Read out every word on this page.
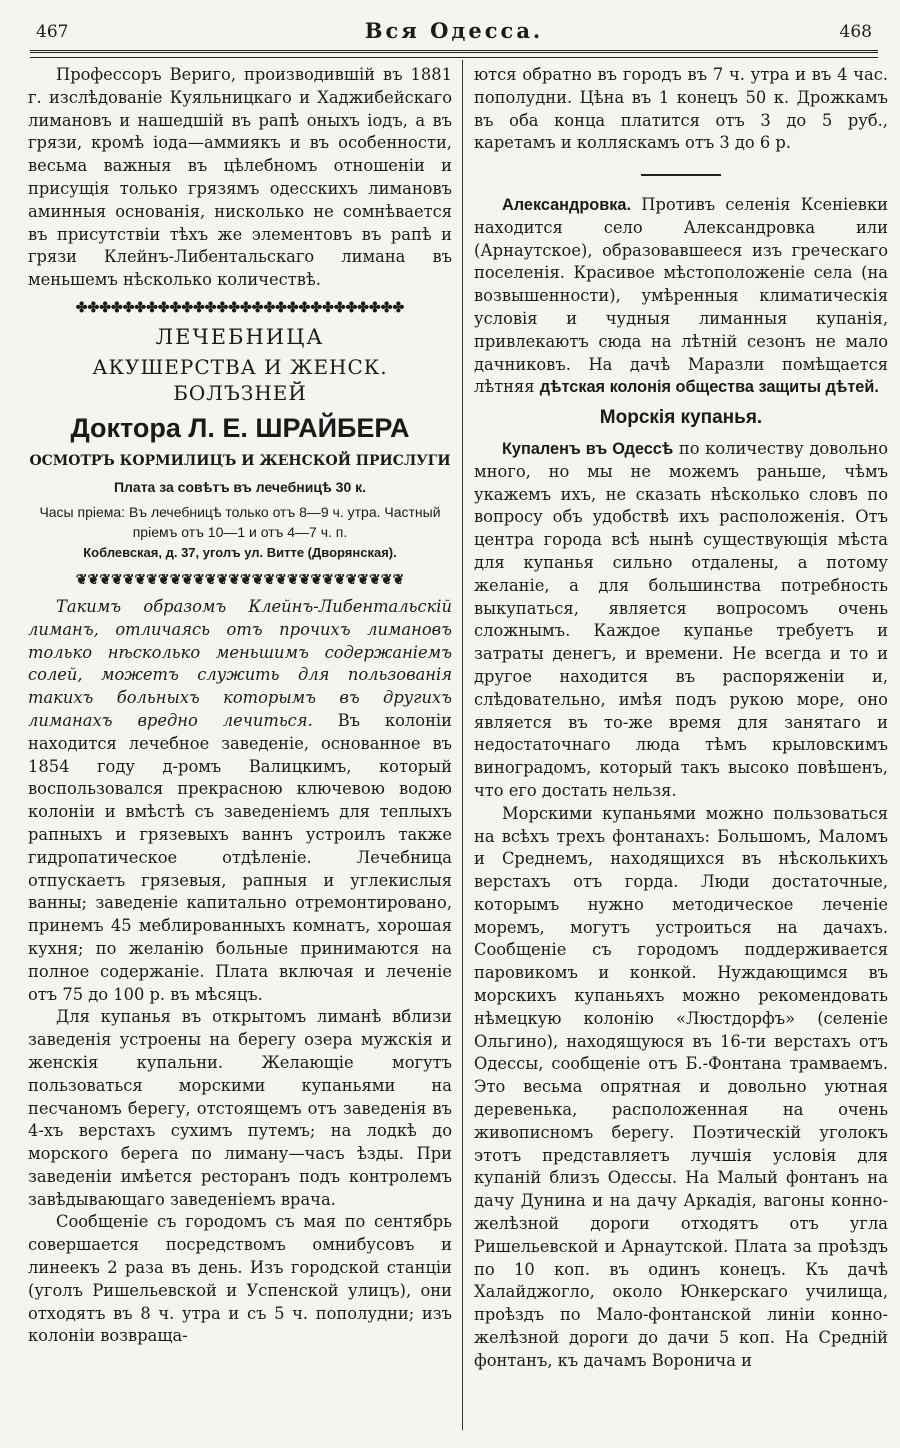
467	Вся Одесса.	468

Профессоръ Вериго, производившій въ 1881 г. изслѣдованіе Куяльницкаго и Хаджибейскаго лимановъ и нашедшій въ рапѣ оныхъ іодъ, а въ грязи, кромѣ іода—аммиякъ и въ особенности, весьма важныя въ цѣлебномъ отношеніи и присущія только грязямъ одесскихъ лимановъ аминныя основанія, нисколько не сомнѣвается въ присутствіи тѣхъ же элементовъ въ рапѣ и грязи Клейнъ-Либентальскаго лимана въ меньшемъ нѣсколько количествѣ.

✤✤✤✤✤✤✤✤✤✤✤✤✤✤✤✤✤✤✤✤✤✤✤✤✤✤✤✤
ЛЕЧЕБНИЦА
АКУШЕРСТВА И ЖЕНСК. БОЛЪЗНЕЙ
Доктора Л. Е. ШРАЙБЕРА
ОСМОТРЪ КОРМИЛИЦЪ И ЖЕНСКОЙ ПРИСЛУГИ
Плата за совѣтъ въ лечебницѣ 30 к.
Часы пріема: Въ лечебницѣ только отъ 8—9 ч. утра. Частный пріемъ отъ 10—1 и отъ 4—7 ч. п.
Коблевская, д. 37, уголъ ул. Витте (Дворянская).
❦❦❦❦❦❦❦❦❦❦❦❦❦❦❦❦❦❦❦❦❦❦❦❦❦❦❦❦

Такимъ образомъ Клейнъ-Либентальскій лиманъ, отличаясь отъ прочихъ лимановъ только нѣсколько меньшимъ содержаніемъ солей, можетъ служить для пользованія такихъ больныхъ которымъ въ другихъ лиманахъ вредно лечиться. Въ колоніи находится лечебное заведеніе, основанное въ 1854 году д-ромъ Валицкимъ, который воспользовался прекрасною ключевою водою колоніи и вмѣстѣ съ заведеніемъ для теплыхъ рапныхъ и грязевыхъ ваннъ устроилъ также гидропатическое отдѣленіе. Лечебница отпускаетъ грязевыя, рапныя и углекислыя ванны; заведеніе капитально отремонтировано, принемъ 45 меблированныхъ комнатъ, хорошая кухня; по желанію больные принимаются на полное содержаніе. Плата включая и леченіе отъ 75 до 100 р. въ мѣсяцъ.

Для купанья въ открытомъ лиманѣ вблизи заведенія устроены на берегу озера мужскія и женскія купальни. Желающіе могутъ пользоваться морскими купаньями на песчаномъ берегу, отстоящемъ отъ заведенія въ 4-хъ верстахъ сухимъ путемъ; на лодкѣ до морского берега по лиману—часъ ѣзды. При заведеніи имѣется ресторанъ подъ контролемъ завѣдывающаго заведеніемъ врача.

Сообщеніе съ городомъ съ мая по сентябрь совершается посредствомъ омнибусовъ и линеекъ 2 раза въ день. Изъ городской станціи (уголъ Ришельевской и Успенской улицъ), они отходятъ въ 8 ч. утра и съ 5 ч. пополудни; изъ колоніи возвраща-

ются обратно въ городъ въ 7 ч. утра и въ 4 час. пополудни. Цѣна въ 1 конецъ 50 к. Дрожкамъ въ оба конца платится отъ 3 до 5 руб., каретамъ и колляскамъ отъ 3 до 6 р.

Александровка. Противъ селенія Ксеніевки находится село Александровка или (Арнаутское), образовавшееся изъ греческаго поселенія. Красивое мѣстоположеніе села (на возвышенности), умѣренныя климатическія условія и чудныя лиманныя купанія, привлекаютъ сюда на лѣтній сезонъ не мало дачниковъ. На дачѣ Маразли помѣщается лѣтняя дѣтская колонія общества защиты дѣтей.

Морскія купанья.

Купаленъ въ Одессѣ по количеству довольно много, но мы не можемъ раньше, чѣмъ укажемъ ихъ, не сказать нѣсколько словъ по вопросу объ удобствѣ ихъ расположенія. Отъ центра города всѣ нынѣ существующія мѣста для купанья сильно отдалены, а потому желаніе, а для большинства потребность выкупаться, является вопросомъ очень сложнымъ. Каждое купанье требуетъ и затраты денегъ, и времени. Не всегда и то и другое находится въ распоряженіи и, слѣдовательно, имѣя подъ рукою море, оно является въ то-же время для занятаго и недостаточнаго люда тѣмъ крыловскимъ виноградомъ, который такъ высоко повѣшенъ, что его достать нельзя.

Морскими купаньями можно пользоваться на всѣхъ трехъ фонтанахъ: Большомъ, Маломъ и Среднемъ, находящихся въ нѣсколькихъ верстахъ отъ горда. Люди достаточные, которымъ нужно методическое леченіе моремъ, могутъ устроиться на дачахъ. Сообщеніе съ городомъ поддерживается паровикомъ и конкой. Нуждающимся въ морскихъ купаньяхъ можно рекомендовать нѣмецкую колонію «Люстдорфъ» (селеніе Ольгино), находящуюся въ 16-ти верстахъ отъ Одессы, сообщеніе отъ Б.-Фонтана трамваемъ. Это весьма опрятная и довольно уютная деревенька, расположенная на очень живописномъ берегу. Поэтическій уголокъ этотъ представляетъ лучшія условія для купаній близъ Одессы. На Малый фонтанъ на дачу Дунина и на дачу Аркадія, вагоны конно-желѣзной дороги отходятъ отъ угла Ришельевской и Арнаутской. Плата за проѣздъ по 10 коп. въ одинъ конецъ. Къ дачѣ Халайджогло, около Юнкерскаго училища, проѣздъ по Мало-фонтанской линіи конно-желѣзной дороги до дачи 5 коп. На Средній фонтанъ, къ дачамъ Воронича и
